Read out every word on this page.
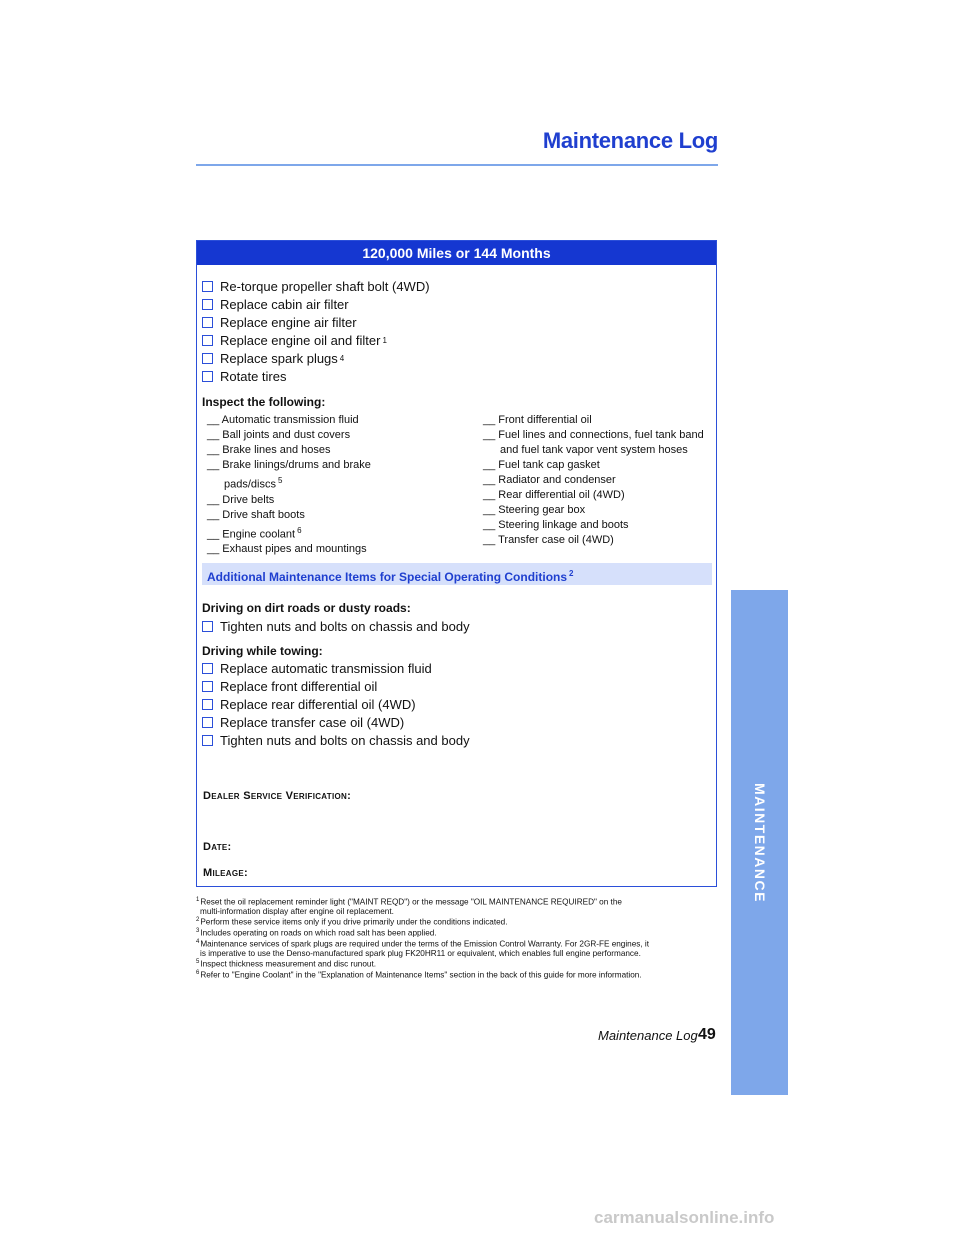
Maintenance Log
MAINTENANCE
120,000 Miles or 144 Months
Inspect the following:
__ Automatic transmission fluid
__ Ball joints and dust covers
__ Brake lines and hoses
__ Brake linings/drums and brake
pads/discs $^5$
__ Drive belts
__ Drive shaft boots
__ Engine coolant $^6$
__ Exhaust pipes and mountings
__ Front differential oil
__ Fuel lines and connections, fuel tank band
and fuel tank vapor vent system hoses
__ Fuel tank cap gasket
__ Radiator and condenser
__ Rear differential oil (4WD)
__ Steering gear box
__ Steering linkage and boots
__ Transfer case oil (4WD)
Additional Maintenance Items for Special Operating Conditions $^2$
Driving on dirt roads or dusty roads:
Driving while towing:
Dealer Service Verification:
Date:
Mileage:
Re-torque propeller shaft bolt (4WD)
Replace cabin air filter
Replace engine air filter
Replace engine oil and filter 1
Replace spark plugs 4
Rotate tires
Tighten nuts and bolts on chassis and body
Replace automatic transmission fluid
Replace front differential oil
Replace rear differential oil (4WD)
Replace transfer case oil (4WD)
Tighten nuts and bolts on chassis and body
$^1$Reset the oil replacement reminder light ("MAINT REQD") or the message "OIL MAINTENANCE REQUIRED" on the
multi-information display after engine oil replacement.
$^2$Perform these service items only if you drive primarily under the conditions indicated.
$^3$Includes operating on roads on which road salt has been applied.
$^4$Maintenance services of spark plugs are required under the terms of the Emission Control Warranty. For 2GR-FE engines, it
is imperative to use the Denso-manufactured spark plug FK20HR11 or equivalent, which enables full engine performance.
$^5$Inspect thickness measurement and disc runout.
$^6$Refer to "Engine Coolant" in the "Explanation of Maintenance Items" section in the back of this guide for more information.
Maintenance Log 49
carmanualsonline.info
